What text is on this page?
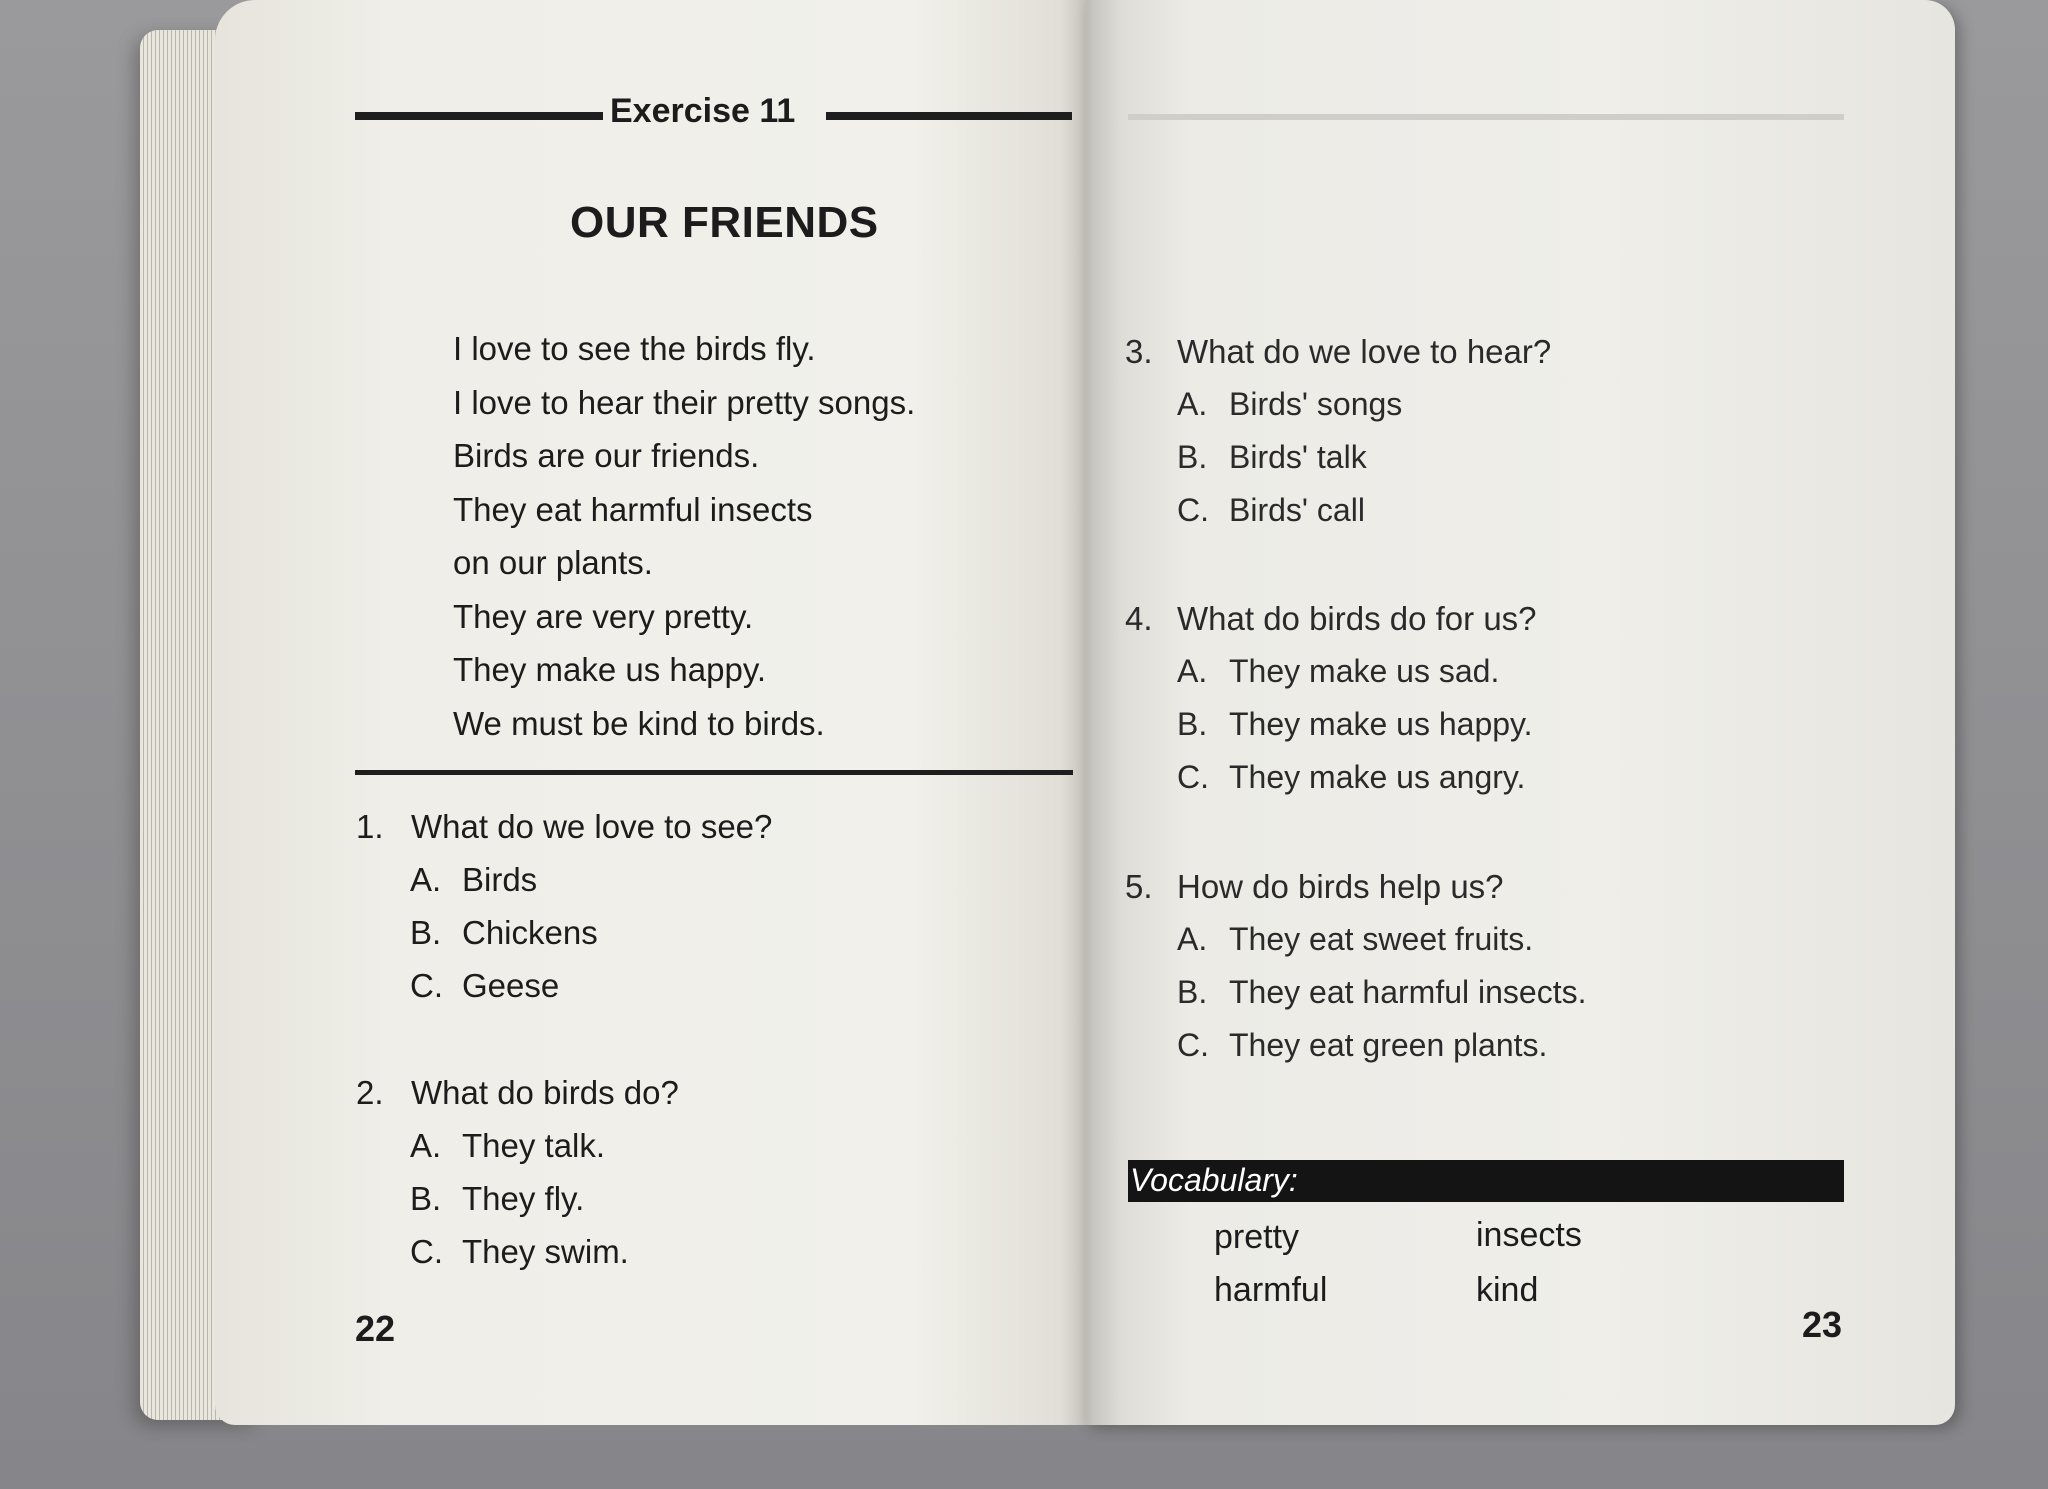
Exercise 11
OUR FRIENDS
I love to see the birds fly.
I love to hear their pretty songs.
Birds are our friends.
They eat harmful insects
on our plants.
They are very pretty.
They make us happy.
We must be kind to birds.
1. What do we love to see?
A. Birds
B. Chickens
C. Geese
2. What do birds do?
A. They talk.
B. They fly.
C. They swim.
22
3. What do we love to hear?
A. Birds' songs
B. Birds' talk
C. Birds' call
4. What do birds do for us?
A. They make us sad.
B. They make us happy.
C. They make us angry.
5. How do birds help us?
A. They eat sweet fruits.
B. They eat harmful insects.
C. They eat green plants.
Vocabulary:
pretty	insects
harmful	kind
23
